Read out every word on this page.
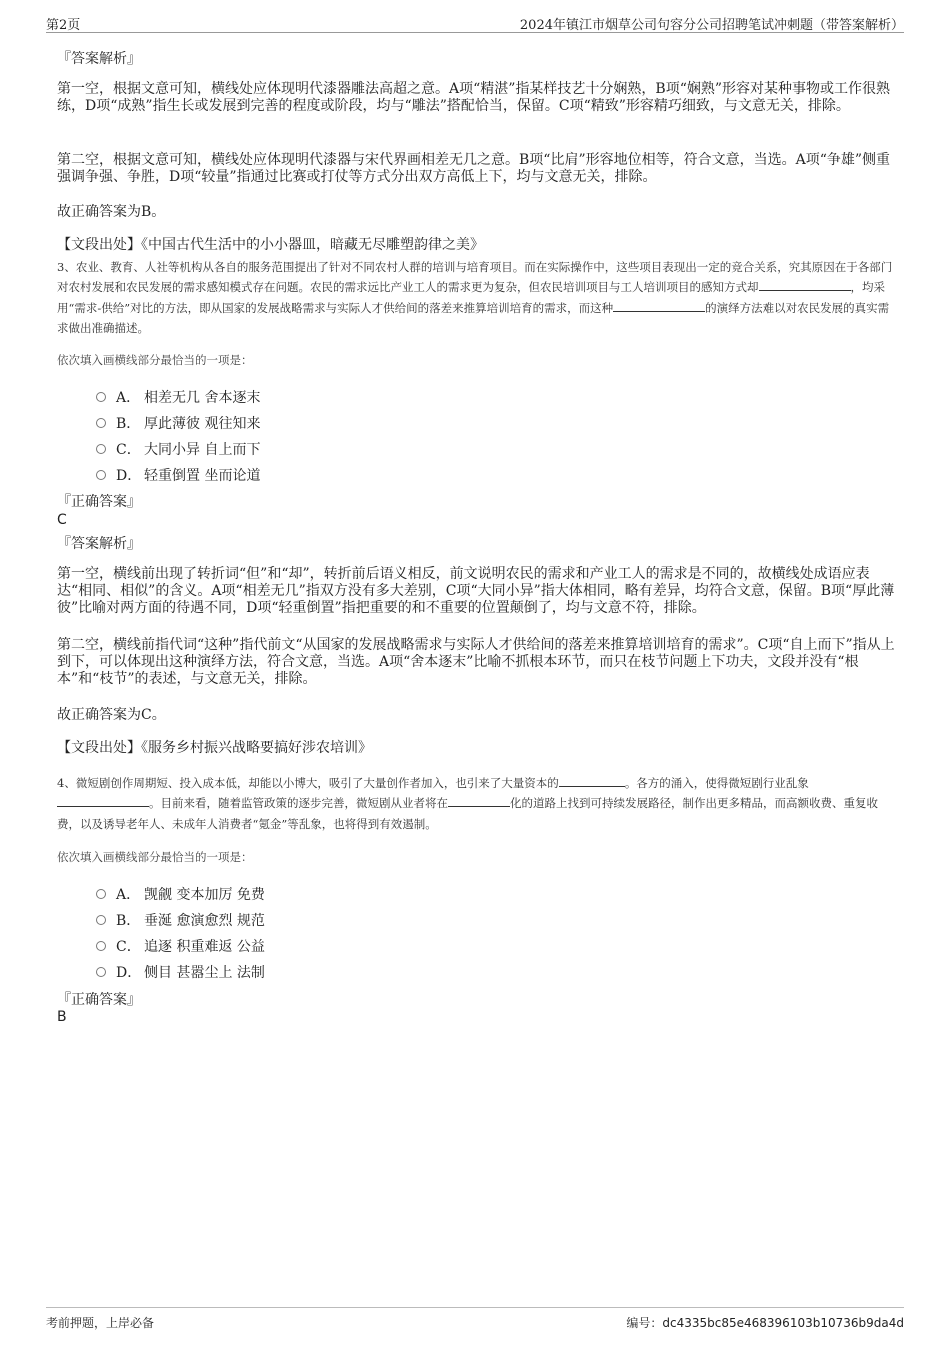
第2页	2024年镇江市烟草公司句容分公司招聘笔试冲刺题（带答案解析）
『答案解析』
第一空，根据文意可知，横线处应体现明代漆器雕法高超之意。A项“精湛”指某样技艺十分娴熟，B项“娴熟”形容对某种事物或工作很熟练，D项“成熟”指生长或发展到完善的程度或阶段，均与“雕法”搭配恰当，保留。C项“精致”形容精巧细致，与文意无关，排除。
第二空，根据文意可知，横线处应体现明代漆器与宋代界画相差无几之意。B项“比肩”形容地位相等，符合文意，当选。A项“争雄”侧重强调争强、争胜，D项“较量”指通过比赛或打仗等方式分出双方高低上下，均与文意无关，排除。
故正确答案为B。
【文段出处】《中国古代生活中的小小器皿，暗藏无尽雕塑韵律之美》
3、农业、教育、人社等机构从各自的服务范围提出了针对不同农村人群的培训与培育项目。而在实际操作中，这些项目表现出一定的竞合关系，究其原因在于各部门对农村发展和农民发展的需求感知模式存在问题。农民的需求远比产业工人的需求更为复杂，但农民培训项目与工人培训项目的感知方式却	，均采用“需求-供给”对比的方法，即从国家的发展战略需求与实际人才供给间的落差来推算培训培育的需求，而这种	的演绎方法难以对农民发展的真实需求做出准确描述。
依次填入画横线部分最恰当的一项是：
A． 相差无几 舍本逐末
B． 厚此薄彼 观往知来
C． 大同小异 自上而下
D． 轻重倒置 坐而论道
『正确答案』
C
『答案解析』
第一空，横线前出现了转折词“但”和“却”，转折前后语义相反，前文说明农民的需求和产业工人的需求是不同的，故横线处成语应表达“相同、相似”的含义。A项“相差无几”指双方没有多大差别，C项“大同小异”指大体相同，略有差异，均符合文意，保留。B项“厚此薄彼”比喻对两方面的待遇不同，D项“轻重倒置”指把重要的和不重要的位置颠倒了，均与文意不符，排除。
第二空，横线前指代词“这种”指代前文“从国家的发展战略需求与实际人才供给间的落差来推算培训培育的需求”。C项“自上而下”指从上到下，可以体现出这种演绎方法，符合文意，当选。A项“舍本逐末”比喻不抓根本环节，而只在枝节问题上下功夫，文段并没有“根本”和“枝节”的表述，与文意无关，排除。
故正确答案为C。
【文段出处】《服务乡村振兴战略要搞好涉农培训》
4、微短剧创作周期短、投入成本低，却能以小博大，吸引了大量创作者加入，也引来了大量资本的	。各方的涌入，使得微短剧行业乱象。目前来看，随着监管政策的逐步完善，微短剧从业者将在	化的道路上找到可持续发展路径，制作出更多精品，而高额收费、重复收费，以及诱导老年人、未成年人消费者“氪金”等乱象，也将得到有效遏制。
依次填入画横线部分最恰当的一项是：
A． 觊觎 变本加厉 免费
B． 垂涎 愈演愈烈 规范
C． 追逐 积重难返 公益
D． 侧目 甚嚣尘上 法制
『正确答案』
B
考前押题，上岸必备	编号：dc4335bc85e468396103b10736b9da4d
